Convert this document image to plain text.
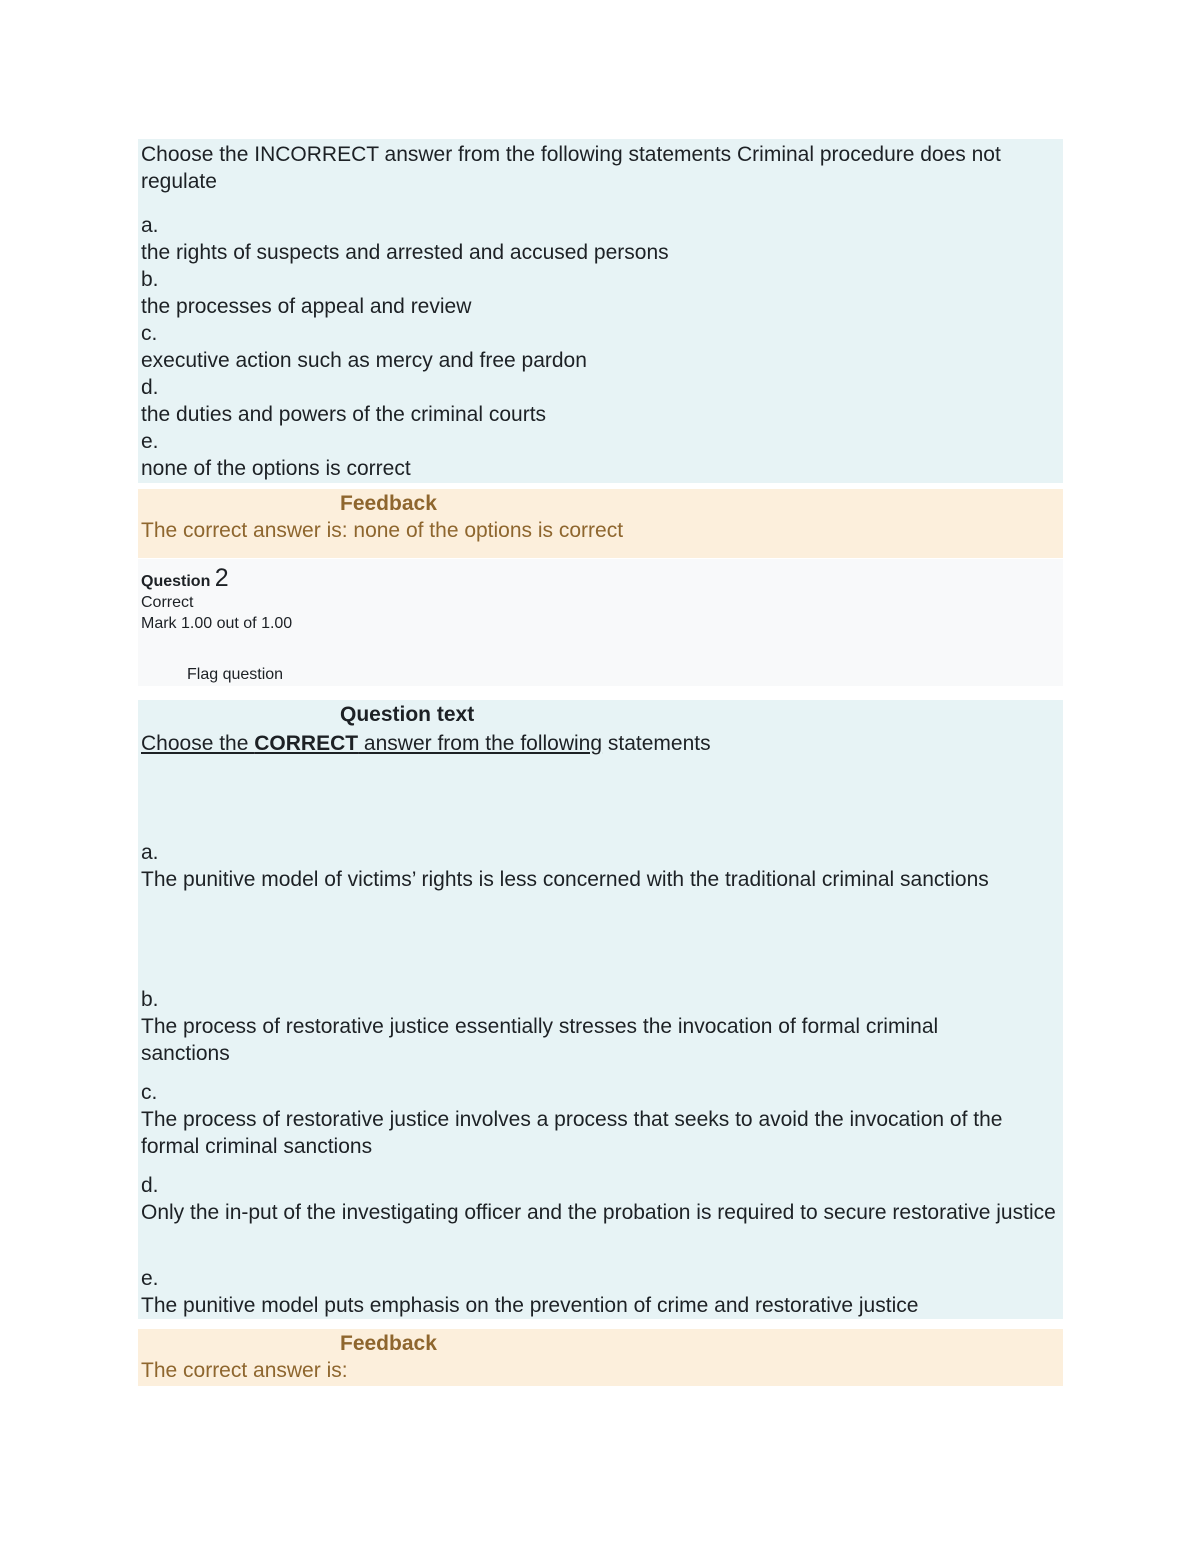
Choose the INCORRECT answer from the following statements Criminal procedure does not regulate
a.
the rights of suspects and arrested and accused persons
b.
the processes of appeal and review
c.
executive action such as mercy and free pardon
d.
the duties and powers of the criminal courts
e.
none of the options is correct
Feedback
The correct answer is: none of the options is correct
Question 2
Correct
Mark 1.00 out of 1.00
Flag question
Question text
Choose the CORRECT answer from the following statements
a.
The punitive model of victims’ rights is less concerned with the traditional criminal sanctions
b.
The process of restorative justice essentially stresses the invocation of formal criminal sanctions
c.
The process of restorative justice involves a process that seeks to avoid the invocation of the formal criminal sanctions
d.
Only the in-put of the investigating officer and the probation is required to secure restorative justice
e.
The punitive model puts emphasis on the prevention of crime and restorative justice
Feedback
The correct answer is:
